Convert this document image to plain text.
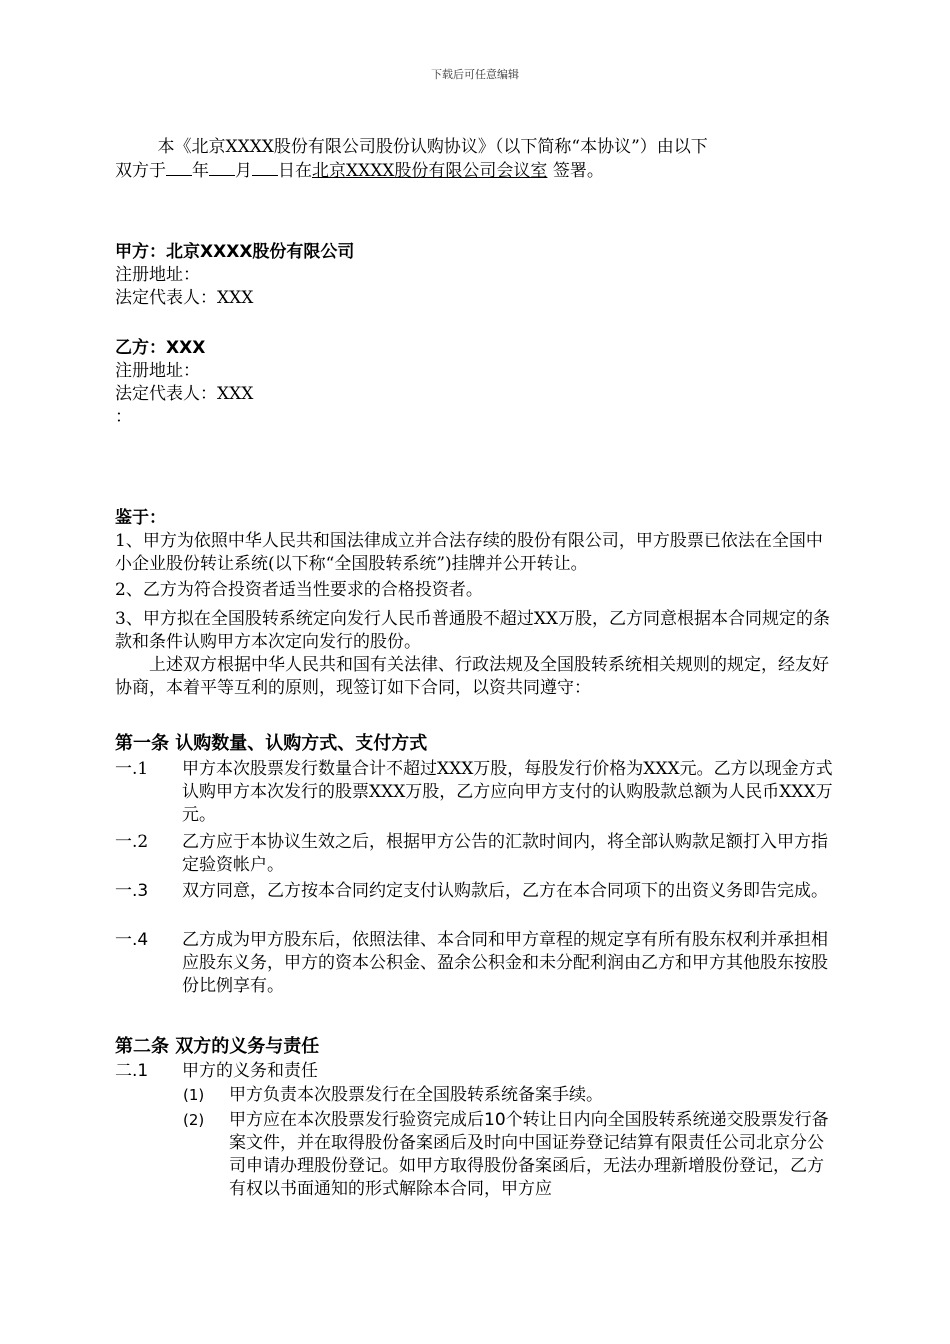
下载后可任意编辑

本《北京XXXX股份有限公司股份认购协议》（以下简称“本协议”）由以下

双方于 年 月 日在北京XXXX股份有限公司会议室 签署。

甲方：北京XXXX股份有限公司

注册地址：

法定代表人：XXX

乙方：XXX

注册地址：

法定代表人：XXX

：

鉴于：

1、甲方为依照中华人民共和国法律成立并合法存续的股份有限公司，甲方股票已依法在全国中小企业股份转让系统(以下称“全国股转系统”)挂牌并公开转让。

2、乙方为符合投资者适当性要求的合格投资者。

3、甲方拟在全国股转系统定向发行人民币普通股不超过XX万股，乙方同意根据本合同规定的条款和条件认购甲方本次定向发行的股份。

上述双方根据中华人民共和国有关法律、行政法规及全国股转系统相关规则的规定，经友好协商，本着平等互利的原则，现签订如下合同，以资共同遵守：

第一条 认购数量、认购方式、支付方式
一.1	甲方本次股票发行数量合计不超过XXX万股，每股发行价格为XXX元。乙方以现金方式认购甲方本次发行的股票XXX万股，乙方应向甲方支付的认购股款总额为人民币XXX万元。
一.2	乙方应于本协议生效之后，根据甲方公告的汇款时间内，将全部认购款足额打入甲方指定验资帐户。
一.3	双方同意，乙方按本合同约定支付认购款后，乙方在本合同项下的出资义务即告完成。
一.4	乙方成为甲方股东后，依照法律、本合同和甲方章程的规定享有所有股东权利并承担相应股东义务，甲方的资本公积金、盈余公积金和未分配利润由乙方和甲方其他股东按股份比例享有。
第二条 双方的义务与责任
二.1	甲方的义务和责任
(1)	甲方负责本次股票发行在全国股转系统备案手续。
(2)	甲方应在本次股票发行验资完成后10个转让日内向全国股转系统递交股票发行备案文件，并在取得股份备案函后及时向中国证券登记结算有限责任公司北京分公司申请办理股份登记。如甲方取得股份备案函后，无法办理新增股份登记，乙方有权以书面通知的形式解除本合同，甲方应
